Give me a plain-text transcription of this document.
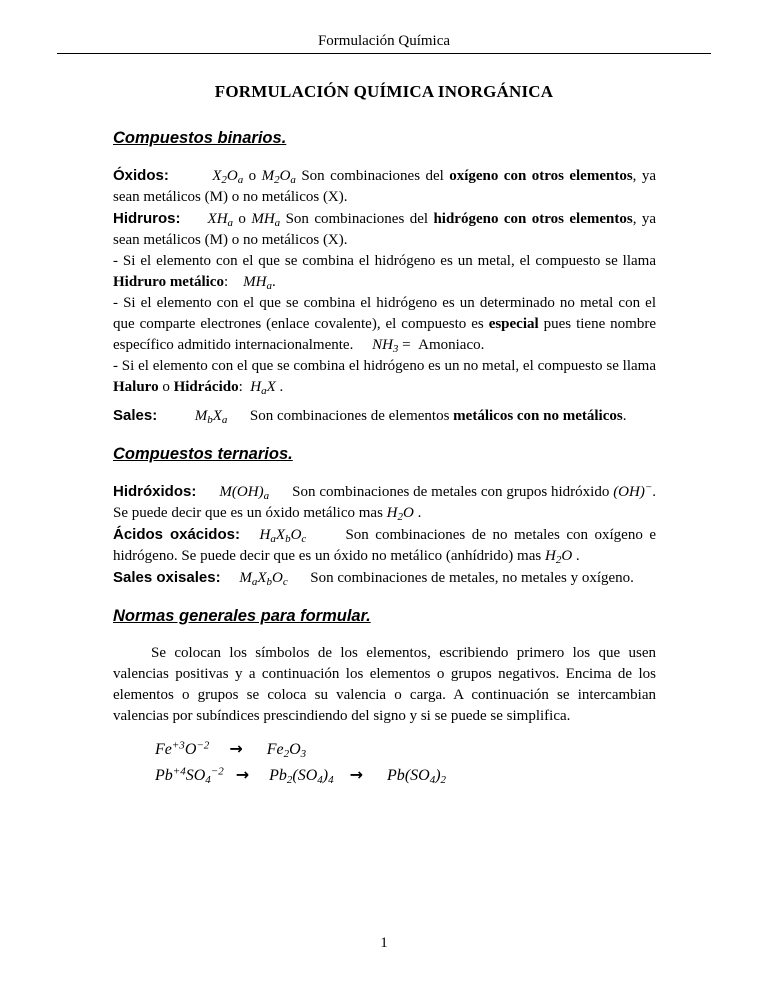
Formulación Química
FORMULACIÓN QUÍMICA INORGÁNICA
Compuestos binarios.

Óxidos:	$X_2O_a$ o $M_2O_a$ Son combinaciones del oxígeno con otros elementos, ya sean metálicos (M) o no metálicos (X).

Hidruros: $XH_a$ o $MH_a$ Son combinaciones del hidrógeno con otros elementos, ya sean metálicos (M) o no metálicos (X).

- Si el elemento con el que se combina el hidrógeno es un metal, el compuesto se llama Hidruro metálico:    $MH_a$.

- Si el elemento con el que se combina el hidrógeno es un determinado no metal con el que comparte electrones (enlace covalente), el compuesto es especial pues tiene nombre específico admitido internacionalmente.     $NH_3$ =  Amoniaco.

- Si el elemento con el que se combina el hidrógeno es un no metal, el compuesto se llama Haluro o Hidrácido:  $H_aX$ .

Sales:	$M_bX_a$ Son combinaciones de elementos metálicos con no metálicos.

Compuestos ternarios.

Hidróxidos: $M(OH)_a$ Son combinaciones de metales con grupos hidróxido (OH)−. Se puede decir que es un óxido metálico mas $H_2O$ .

Ácidos oxácidos: $H_aX_bO_c$	Son combinaciones de no metales con oxígeno e hidrógeno. Se puede decir que es un óxido no metálico (anhídrido) mas $H_2O$ .

Sales oxisales: $M_aX_bO_c$ Son combinaciones de metales, no metales y oxígeno.

Normas generales para formular.

Se colocan los símbolos de los elementos, escribiendo primero los que usen valencias positivas y a continuación los elementos o grupos negativos. Encima de los elementos o grupos se coloca su valencia o carga. A continuación se intercambian valencias por subíndices prescindiendo del signo y si se puede se simplifica.

$Fe^{+3}O^{-2} \to Fe_2O_3$

$Pb^{+4}SO_4^{-2} \to Pb_2(SO_4)_4 \to Pb(SO_4)_2$

1
